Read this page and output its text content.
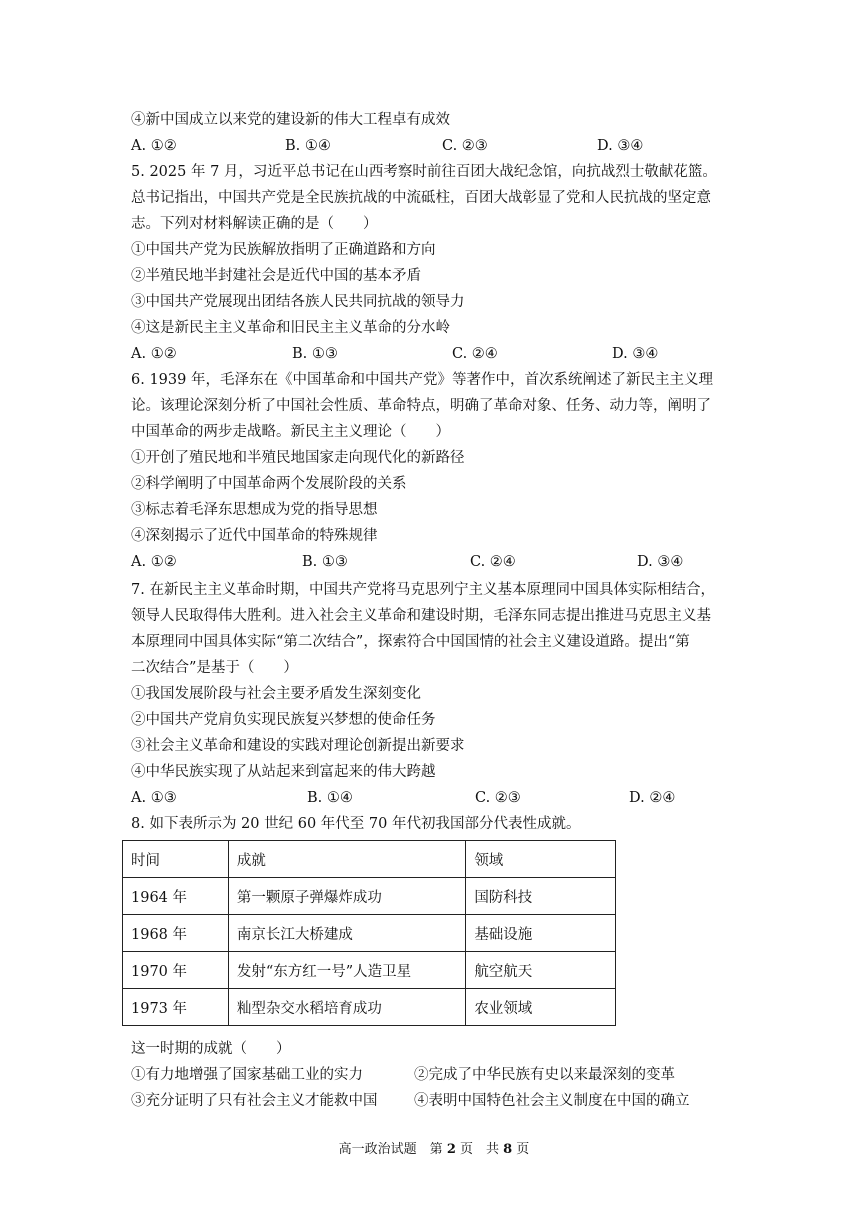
④新中国成立以来党的建设新的伟大工程卓有成效
A. ①②	B. ①④	C. ②③	D. ③④
5. 2025 年 7 月，习近平总书记在山西考察时前往百团大战纪念馆，向抗战烈士敬献花篮。
总书记指出，中国共产党是全民族抗战的中流砥柱，百团大战彰显了党和人民抗战的坚定意
志。下列对材料解读正确的是（　　）
①中国共产党为民族解放指明了正确道路和方向
②半殖民地半封建社会是近代中国的基本矛盾
③中国共产党展现出团结各族人民共同抗战的领导力
④这是新民主主义革命和旧民主主义革命的分水岭
A. ①②	B. ①③	C. ②④	D. ③④
6. 1939 年，毛泽东在《中国革命和中国共产党》等著作中，首次系统阐述了新民主主义理
论。该理论深刻分析了中国社会性质、革命特点，明确了革命对象、任务、动力等，阐明了
中国革命的两步走战略。新民主主义理论（　　）
①开创了殖民地和半殖民地国家走向现代化的新路径
②科学阐明了中国革命两个发展阶段的关系
③标志着毛泽东思想成为党的指导思想
④深刻揭示了近代中国革命的特殊规律
A. ①②	B. ①③	C. ②④	D. ③④
7. 在新民主主义革命时期，中国共产党将马克思列宁主义基本原理同中国具体实际相结合，
领导人民取得伟大胜利。进入社会主义革命和建设时期，毛泽东同志提出推进马克思主义基
本原理同中国具体实际“第二次结合”，探索符合中国国情的社会主义建设道路。提出“第
二次结合”是基于（　　）
①我国发展阶段与社会主要矛盾发生深刻变化
②中国共产党肩负实现民族复兴梦想的使命任务
③社会主义革命和建设的实践对理论创新提出新要求
④中华民族实现了从站起来到富起来的伟大跨越
A. ①③	B. ①④	C. ②③	D. ②④
8. 如下表所示为 20 世纪 60 年代至 70 年代初我国部分代表性成就。
时间	成就	领域
1964 年	第一颗原子弹爆炸成功	国防科技
1968 年	南京长江大桥建成	基础设施
1970 年	发射“东方红一号”人造卫星	航空航天
1973 年	籼型杂交水稻培育成功	农业领域
这一时期的成就（　　）
①有力地增强了国家基础工业的实力	②完成了中华民族有史以来最深刻的变革
③充分证明了只有社会主义才能救中国	④表明中国特色社会主义制度在中国的确立
高一政治试题　第 2 页　共 8 页
